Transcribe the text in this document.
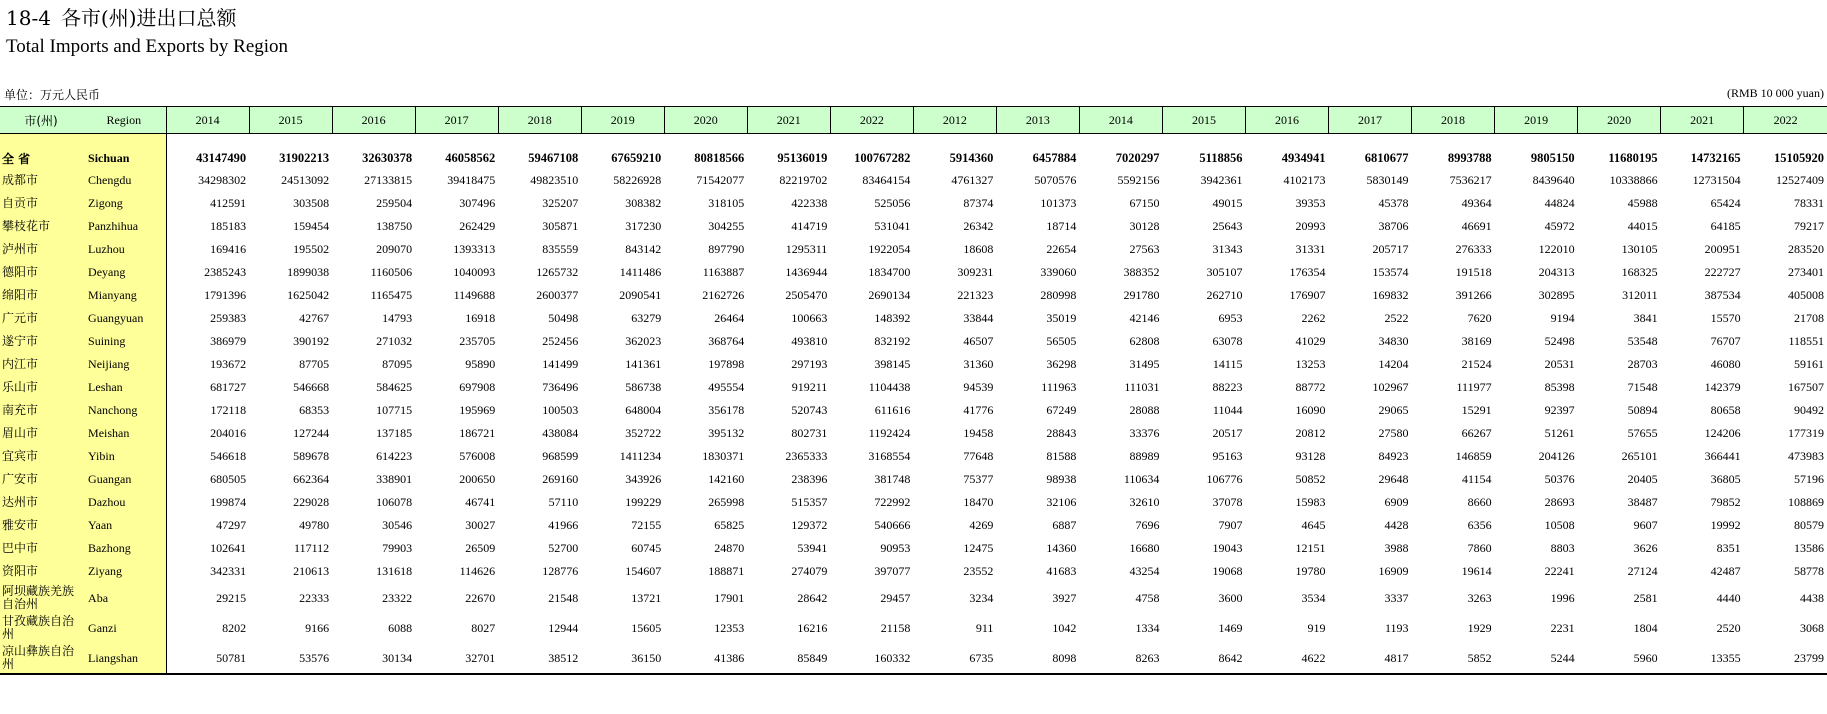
18-4 各市(州)进出口总额
Total Imports and Exports by Region
单位：万元人民币	(RMB 10 000 yuan)
市(州)	Region	2014	2015	2016	2017	2018	2019	2020	2021	2022	2012	2013	2014	2015	2016	2017	2018	2019	2020	2021	2022
全 省	Sichuan	43147490	31902213	32630378	46058562	59467108	67659210	80818566	95136019	100767282	5914360	6457884	7020297	5118856	4934941	6810677	8993788	9805150	11680195	14732165	15105920
成都市	Chengdu	34298302	24513092	27133815	39418475	49823510	58226928	71542077	82219702	83464154	4761327	5070576	5592156	3942361	4102173	5830149	7536217	8439640	10338866	12731504	12527409
自贡市	Zigong	412591	303508	259504	307496	325207	308382	318105	422338	525056	87374	101373	67150	49015	39353	45378	49364	44824	45988	65424	78331
攀枝花市	Panzhihua	185183	159454	138750	262429	305871	317230	304255	414719	531041	26342	18714	30128	25643	20993	38706	46691	45972	44015	64185	79217
泸州市	Luzhou	169416	195502	209070	1393313	835559	843142	897790	1295311	1922054	18608	22654	27563	31343	31331	205717	276333	122010	130105	200951	283520
德阳市	Deyang	2385243	1899038	1160506	1040093	1265732	1411486	1163887	1436944	1834700	309231	339060	388352	305107	176354	153574	191518	204313	168325	222727	273401
绵阳市	Mianyang	1791396	1625042	1165475	1149688	2600377	2090541	2162726	2505470	2690134	221323	280998	291780	262710	176907	169832	391266	302895	312011	387534	405008
广元市	Guangyuan	259383	42767	14793	16918	50498	63279	26464	100663	148392	33844	35019	42146	6953	2262	2522	7620	9194	3841	15570	21708
遂宁市	Suining	386979	390192	271032	235705	252456	362023	368764	493810	832192	46507	56505	62808	63078	41029	34830	38169	52498	53548	76707	118551
内江市	Neijiang	193672	87705	87095	95890	141499	141361	197898	297193	398145	31360	36298	31495	14115	13253	14204	21524	20531	28703	46080	59161
乐山市	Leshan	681727	546668	584625	697908	736496	586738	495554	919211	1104438	94539	111963	111031	88223	88772	102967	111977	85398	71548	142379	167507
南充市	Nanchong	172118	68353	107715	195969	100503	648004	356178	520743	611616	41776	67249	28088	11044	16090	29065	15291	92397	50894	80658	90492
眉山市	Meishan	204016	127244	137185	186721	438084	352722	395132	802731	1192424	19458	28843	33376	20517	20812	27580	66267	51261	57655	124206	177319
宜宾市	Yibin	546618	589678	614223	576008	968599	1411234	1830371	2365333	3168554	77648	81588	88989	95163	93128	84923	146859	204126	265101	366441	473983
广安市	Guangan	680505	662364	338901	200650	269160	343926	142160	238396	381748	75377	98938	110634	106776	50852	29648	41154	50376	20405	36805	57196
达州市	Dazhou	199874	229028	106078	46741	57110	199229	265998	515357	722992	18470	32106	32610	37078	15983	6909	8660	28693	38487	79852	108869
雅安市	Yaan	47297	49780	30546	30027	41966	72155	65825	129372	540666	4269	6887	7696	7907	4645	4428	6356	10508	9607	19992	80579
巴中市	Bazhong	102641	117112	79903	26509	52700	60745	24870	53941	90953	12475	14360	16680	19043	12151	3988	7860	8803	3626	8351	13586
资阳市	Ziyang	342331	210613	131618	114626	128776	154607	188871	274079	397077	23552	41683	43254	19068	19780	16909	19614	22241	27124	42487	58778
阿坝藏族羌族自治州	Aba	29215	22333	23322	22670	21548	13721	17901	28642	29457	3234	3927	4758	3600	3534	3337	3263	1996	2581	4440	4438
甘孜藏族自治州	Ganzi	8202	9166	6088	8027	12944	15605	12353	16216	21158	911	1042	1334	1469	919	1193	1929	2231	1804	2520	3068
凉山彝族自治州	Liangshan	50781	53576	30134	32701	38512	36150	41386	85849	160332	6735	8098	8263	8642	4622	4817	5852	5244	5960	13355	23799
